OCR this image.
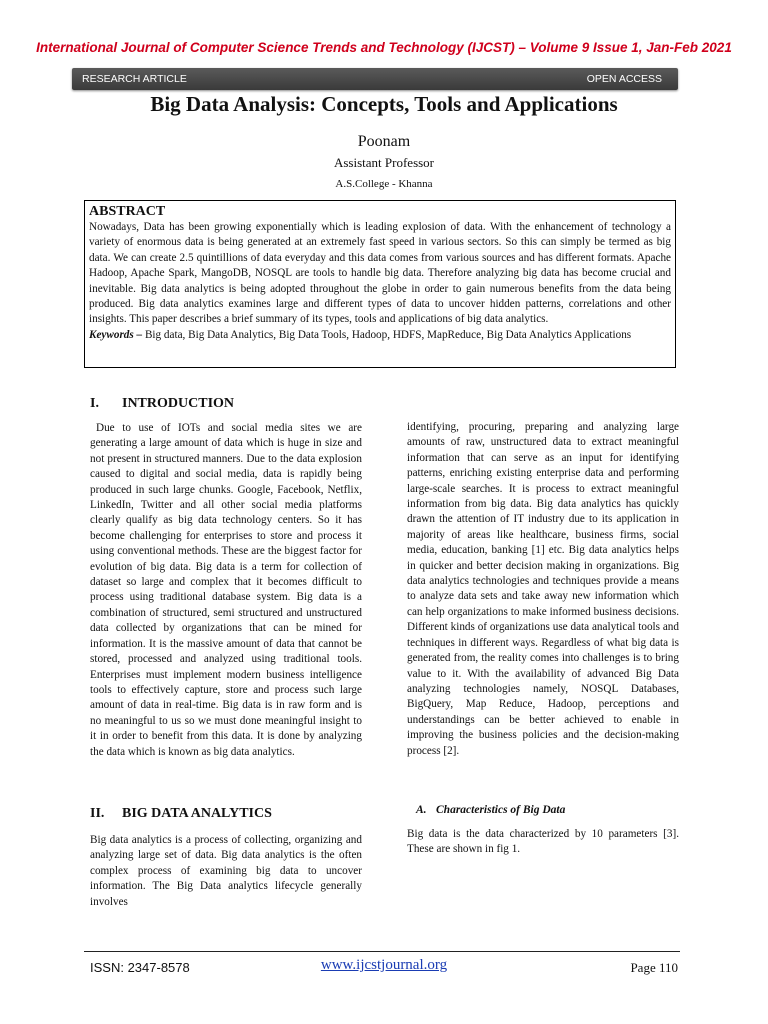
International Journal of Computer Science Trends and Technology (IJCST) – Volume 9 Issue 1, Jan-Feb 2021
RESEARCH ARTICLE	OPEN ACCESS
Big Data Analysis: Concepts, Tools and Applications
Poonam
Assistant Professor
A.S.College - Khanna
ABSTRACT
Nowadays, Data has been growing exponentially which is leading explosion of data. With the enhancement of technology a variety of enormous data is being generated at an extremely fast speed in various sectors. So this can simply be termed as big data. We can create 2.5 quintillions of data everyday and this data comes from various sources and has different formats. Apache Hadoop, Apache Spark, MangoDB, NOSQL are tools to handle big data. Therefore analyzing big data has become crucial and inevitable. Big data analytics is being adopted throughout the globe in order to gain numerous benefits from the data being produced. Big data analytics examines large and different types of data to uncover hidden patterns, correlations and other insights. This paper describes a brief summary of its types, tools and applications of big data analytics.
Keywords – Big data, Big Data Analytics, Big Data Tools, Hadoop, HDFS, MapReduce, Big Data Analytics Applications
I. INTRODUCTION
Due to use of IOTs and social media sites we are generating a large amount of data which is huge in size and not present in structured manners. Due to the data explosion caused to digital and social media, data is rapidly being produced in such large chunks. Google, Facebook, Netflix, LinkedIn, Twitter and all other social media platforms clearly qualify as big data technology centers. So it has become challenging for enterprises to store and process it using conventional methods. These are the biggest factor for evolution of big data. Big data is a term for collection of dataset so large and complex that it becomes difficult to process using traditional database system. Big data is a combination of structured, semi structured and unstructured data collected by organizations that can be mined for information. It is the massive amount of data that cannot be stored, processed and analyzed using traditional tools. Enterprises must implement modern business intelligence tools to effectively capture, store and process such large amount of data in real-time. Big data is in raw form and is no meaningful to us so we must done meaningful insight to it in order to benefit from this data. It is done by analyzing the data which is known as big data analytics.
II. BIG DATA ANALYTICS
Big data analytics is a process of collecting, organizing and analyzing large set of data. Big data analytics is the often complex process of examining big data to uncover information. The Big Data analytics lifecycle generally involves
identifying, procuring, preparing and analyzing large amounts of raw, unstructured data to extract meaningful information that can serve as an input for identifying patterns, enriching existing enterprise data and performing large-scale searches. It is process to extract meaningful information from big data. Big data analytics has quickly drawn the attention of IT industry due to its application in majority of areas like healthcare, business firms, social media, education, banking [1] etc. Big data analytics helps in quicker and better decision making in organizations. Big data analytics technologies and techniques provide a means to analyze data sets and take away new information which can help organizations to make informed business decisions. Different kinds of organizations use data analytical tools and techniques in different ways. Regardless of what big data is generated from, the reality comes into challenges is to bring value to it. With the availability of advanced Big Data analyzing technologies namely, NOSQL Databases, BigQuery, Map Reduce, Hadoop, perceptions and understandings can be better achieved to enable in improving the business policies and the decision-making process [2].
A. Characteristics of Big Data
Big data is the data characterized by 10 parameters [3]. These are shown in fig 1.
ISSN: 2347-8578	www.ijcstjournal.org	Page 110
